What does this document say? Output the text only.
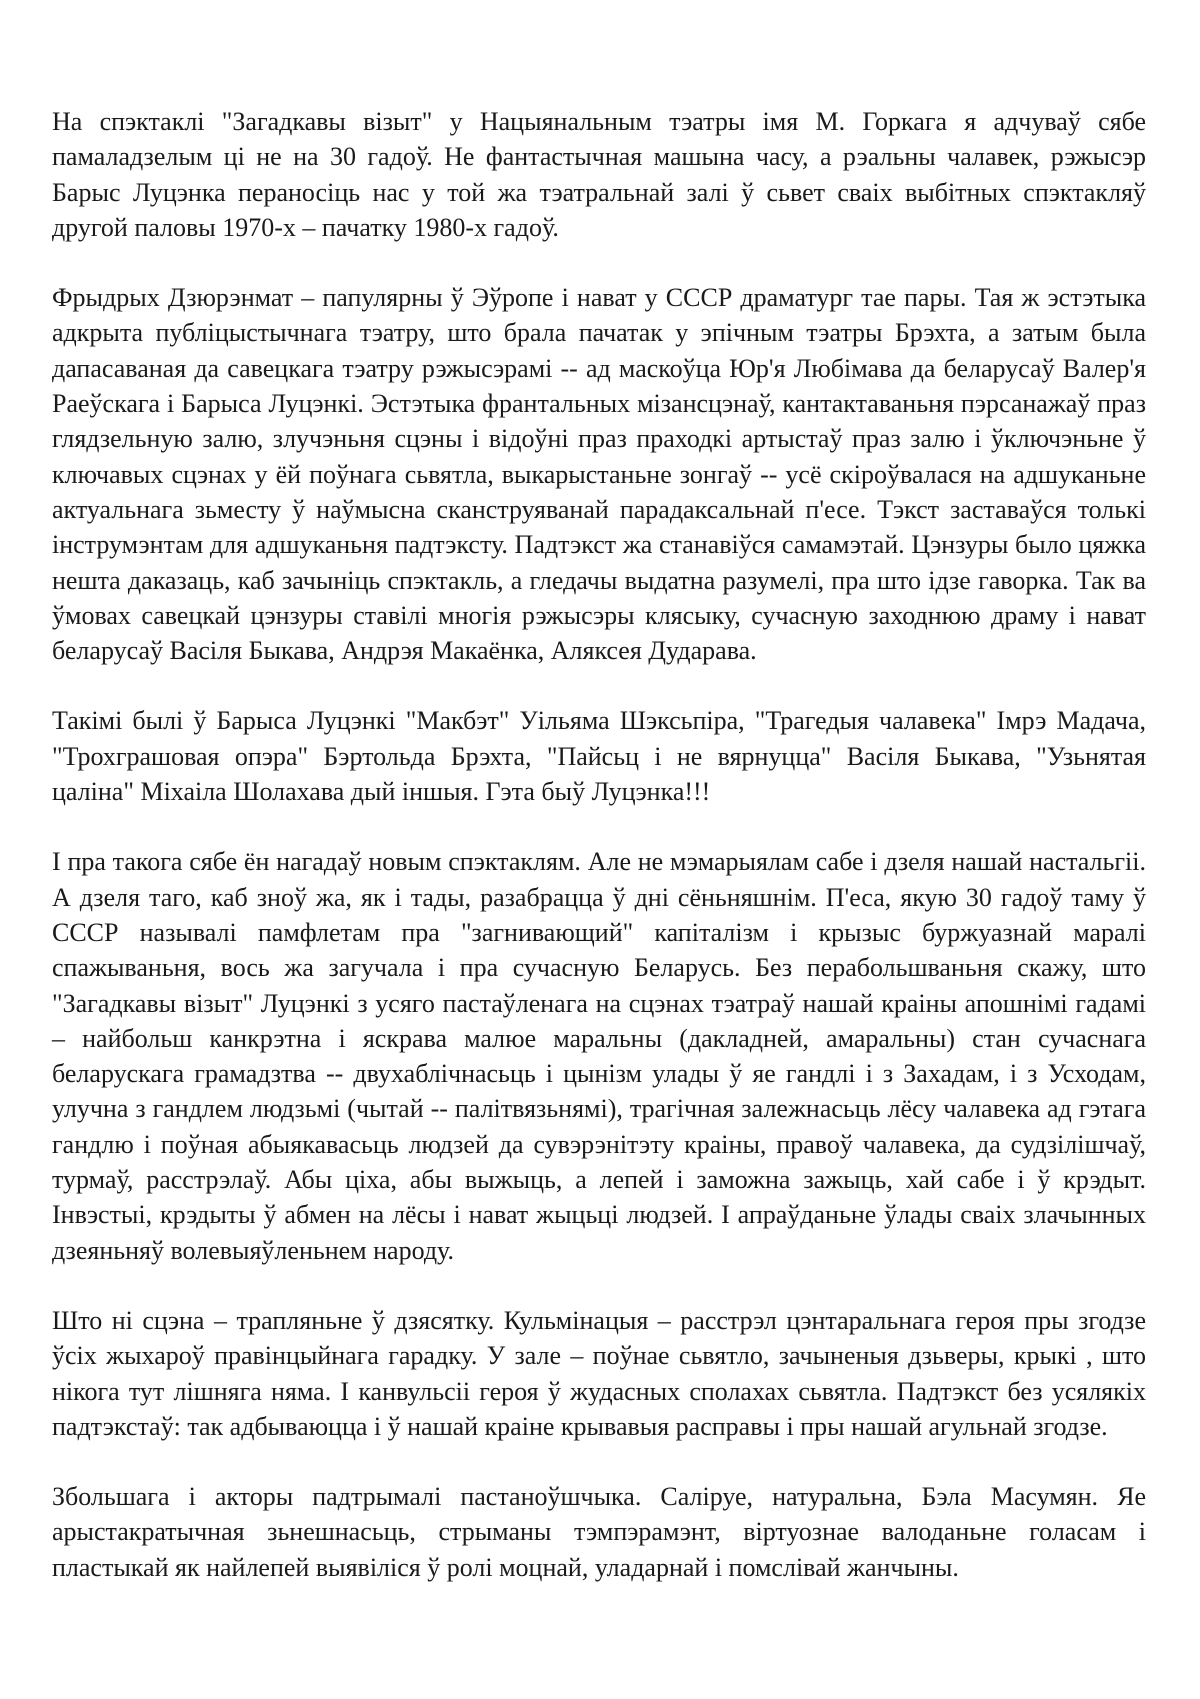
На спэктаклі "Загадкавы візыт" у Нацыянальным тэатры імя М. Горкага я адчуваў сябе памаладзелым ці не на 30 гадоў. Не фантастычная машына часу, а рэальны чалавек, рэжысэр Барыс Луцэнка пераносіць нас у той жа тэатральнай залі ў сьвет сваіх выбітных спэктакляў другой паловы 1970-х – пачатку 1980-х гадоў.

Фрыдрых Дзюрэнмат – папулярны ў Эўропе і нават у СССР драматург тае пары. Тая ж эстэтыка адкрыта публіцыстычнага тэатру, што брала пачатак у эпічным тэатры Брэхта, а затым была дапасаваная да савецкага тэатру рэжысэрамі -- ад маскоўца Юр'я Любімава да беларусаў Валер'я Раеўскага і Барыса Луцэнкі. Эстэтыка франтальных мізансцэнаў, кантактаваньня пэрсанажаў праз глядзельную залю, злучэньня сцэны і відоўні праз праходкі артыстаў праз залю і ўключэньне ў ключавых сцэнах у ёй поўнага сьвятла, выкарыстаньне зонгаў -- усё скіроўвалася на адшуканьне актуальнага зьместу ў наўмысна сканструяванай парадаксальнай п'есе. Тэкст заставаўся толькі інструмэнтам для адшуканьня падтэксту. Падтэкст жа станавіўся самамэтай. Цэнзуры было цяжка нешта даказаць, каб зачыніць спэктакль, а гледачы выдатна разумелі, пра што ідзе гаворка. Так ва ўмовах савецкай цэнзуры ставілі многія рэжысэры клясыку, сучасную заходнюю драму і нават беларусаў Васіля Быкава, Андрэя Макаёнка, Аляксея Дударава.

Такімі былі ў Барыса Луцэнкі "Макбэт" Уільяма Шэксьпіра, "Трагедыя чалавека" Імрэ Мадача, "Трохграшовая опэра" Бэртольда Брэхта, "Пайсьц і не вярнуцца" Васіля Быкава, "Узьнятая цаліна" Міхаіла Шолахава дый іншыя. Гэта быў Луцэнка!!!

І пра такога сябе ён нагадаў новым спэктаклям. Але не мэмарыялам сабе і дзеля нашай настальгіі. А дзеля таго, каб зноў жа, як і тады, разабрацца ў дні сёньняшнім. П'еса, якую 30 гадоў таму ў СССР называлі памфлетам пра "загнивающий" капіталізм і крызыс буржуазнай маралі спажываньня, вось жа загучала і пра сучасную Беларусь. Без перабольшваньня скажу, што "Загадкавы візыт" Луцэнкі з усяго пастаўленага на сцэнах тэатраў нашай краіны апошнімі гадамі – найбольш канкрэтна і яскрава малюе маральны (дакладней, амаральны) стан сучаснага беларускага грамадзтва -- двухаблічнасьць і цынізм улады ў яе гандлі і з Захадам, і з Усходам, улучна з гандлем людзьмі (чытай -- палітвязьнямі), трагічная залежнасьць лёсу чалавека ад гэтага гандлю і поўная абыякавасьць людзей да сувэрэнітэту краіны, правоў чалавека, да судзілішчаў, турмаў, расстрэлаў. Абы ціха, абы выжыць, а лепей і заможна зажыць, хай сабе і ў крэдыт. Інвэстыі, крэдыты ў абмен на лёсы і нават жыцьці людзей. І апраўданьне ўлады сваіх злачынных дзеяньняў волевыяўленьнем народу.

Што ні сцэна – трапляньне ў дзясятку. Кульмінацыя – расстрэл цэнтаральнага героя пры згодзе ўсіх жыхароў правінцыйнага гарадку. У зале – поўнае сьвятло, зачыненыя дзьверы, крыкі , што нікога тут лішняга няма. І канвульсіі героя ў жудасных сполахах сьвятла. Падтэкст без усялякіх падтэкстаў: так адбываюцца і ў нашай краіне крывавыя расправы і пры нашай агульнай згодзе.

Збольшага і акторы падтрымалі пастаноўшчыка. Саліруе, натуральна, Бэла Масумян. Яе арыстакратычная зьнешнасьць, стрыманы тэмпэрамэнт, віртуознае валоданьне голасам і пластыкай як найлепей выявіліся ў ролі моцнай, уладарнай і помслівай жанчыны.
